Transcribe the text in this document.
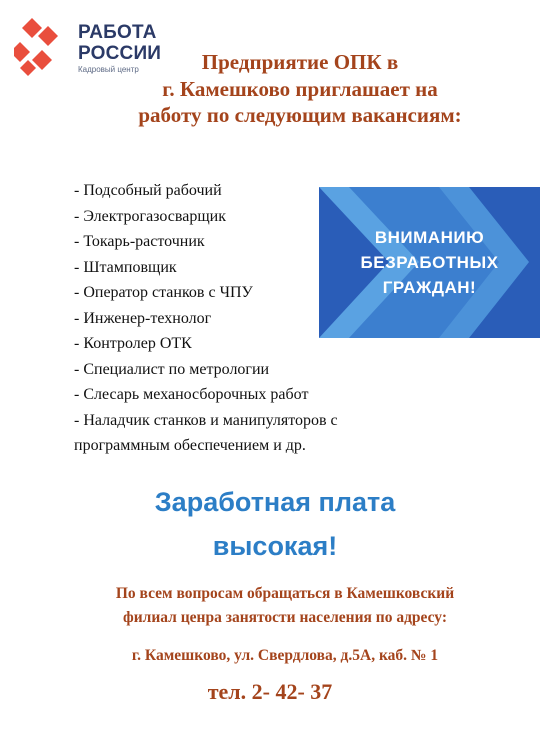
РАБОТА
РОССИИ
Кадровый центр	Предприятие ОПК в
г. Камешково приглашает на
работу по следующим вакансиям:
- Подсобный рабочий
- Электрогазосварщик
- Токарь-расточник
- Штамповщик
- Оператор станков с ЧПУ
- Инженер-технолог
- Контролер ОТК
- Специалист по метрологии
- Слесарь механосборочных работ
- Наладчик станков и манипуляторов с
программным обеспечением и др.
ВНИМАНИЮ
БЕЗРАБОТНЫХ
ГРАЖДАН!
Заработная плата
высокая!
По всем вопросам обращаться в Камешковский
филиал ценра занятости населения по адресу:
г. Камешково, ул. Свердлова, д.5А, каб. № 1
тел. 2- 42- 37
